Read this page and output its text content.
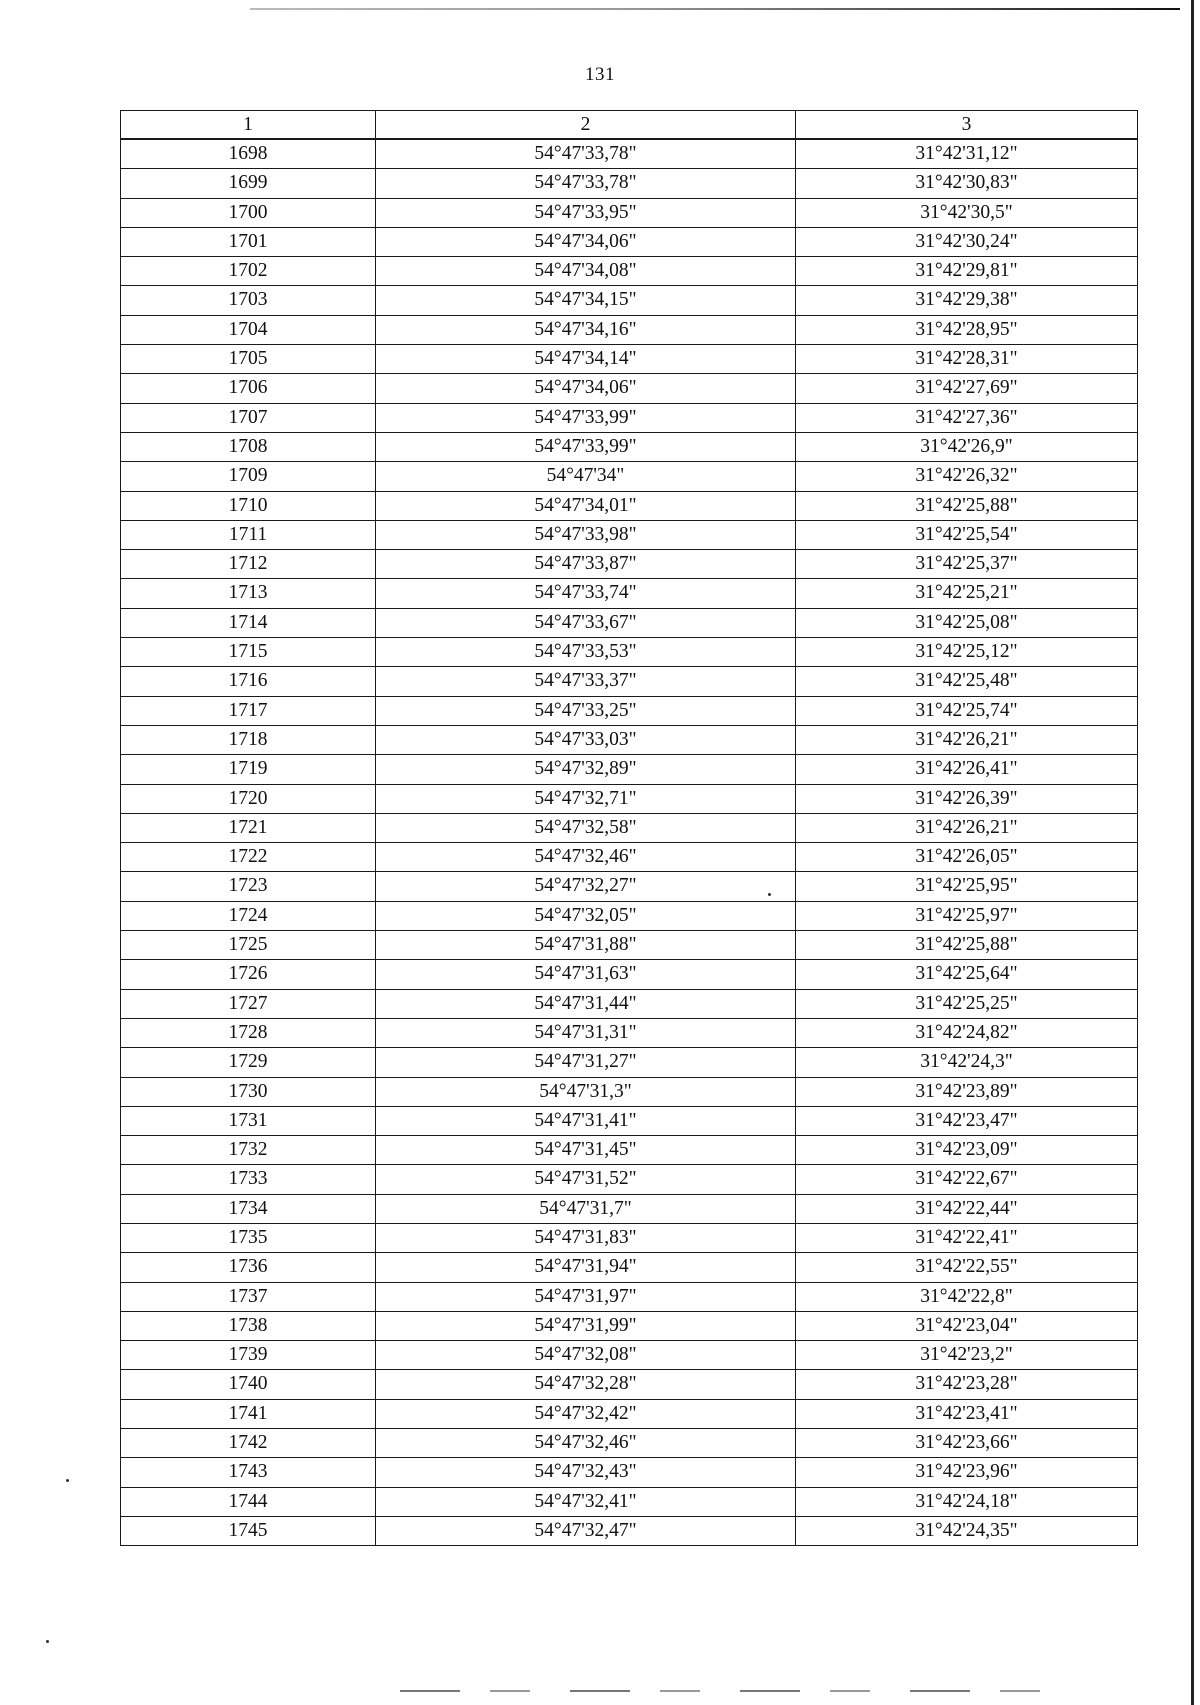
131
1	2	3
1698	54°47'33,78"	31°42'31,12"
1699	54°47'33,78"	31°42'30,83"
1700	54°47'33,95"	31°42'30,5"
1701	54°47'34,06"	31°42'30,24"
1702	54°47'34,08"	31°42'29,81"
1703	54°47'34,15"	31°42'29,38"
1704	54°47'34,16"	31°42'28,95"
1705	54°47'34,14"	31°42'28,31"
1706	54°47'34,06"	31°42'27,69"
1707	54°47'33,99"	31°42'27,36"
1708	54°47'33,99"	31°42'26,9"
1709	54°47'34"	31°42'26,32"
1710	54°47'34,01"	31°42'25,88"
1711	54°47'33,98"	31°42'25,54"
1712	54°47'33,87"	31°42'25,37"
1713	54°47'33,74"	31°42'25,21"
1714	54°47'33,67"	31°42'25,08"
1715	54°47'33,53"	31°42'25,12"
1716	54°47'33,37"	31°42'25,48"
1717	54°47'33,25"	31°42'25,74"
1718	54°47'33,03"	31°42'26,21"
1719	54°47'32,89"	31°42'26,41"
1720	54°47'32,71"	31°42'26,39"
1721	54°47'32,58"	31°42'26,21"
1722	54°47'32,46"	31°42'26,05"
1723	54°47'32,27"	31°42'25,95"
1724	54°47'32,05"	31°42'25,97"
1725	54°47'31,88"	31°42'25,88"
1726	54°47'31,63"	31°42'25,64"
1727	54°47'31,44"	31°42'25,25"
1728	54°47'31,31"	31°42'24,82"
1729	54°47'31,27"	31°42'24,3"
1730	54°47'31,3"	31°42'23,89"
1731	54°47'31,41"	31°42'23,47"
1732	54°47'31,45"	31°42'23,09"
1733	54°47'31,52"	31°42'22,67"
1734	54°47'31,7"	31°42'22,44"
1735	54°47'31,83"	31°42'22,41"
1736	54°47'31,94"	31°42'22,55"
1737	54°47'31,97"	31°42'22,8"
1738	54°47'31,99"	31°42'23,04"
1739	54°47'32,08"	31°42'23,2"
1740	54°47'32,28"	31°42'23,28"
1741	54°47'32,42"	31°42'23,41"
1742	54°47'32,46"	31°42'23,66"
1743	54°47'32,43"	31°42'23,96"
1744	54°47'32,41"	31°42'24,18"
1745	54°47'32,47"	31°42'24,35"
